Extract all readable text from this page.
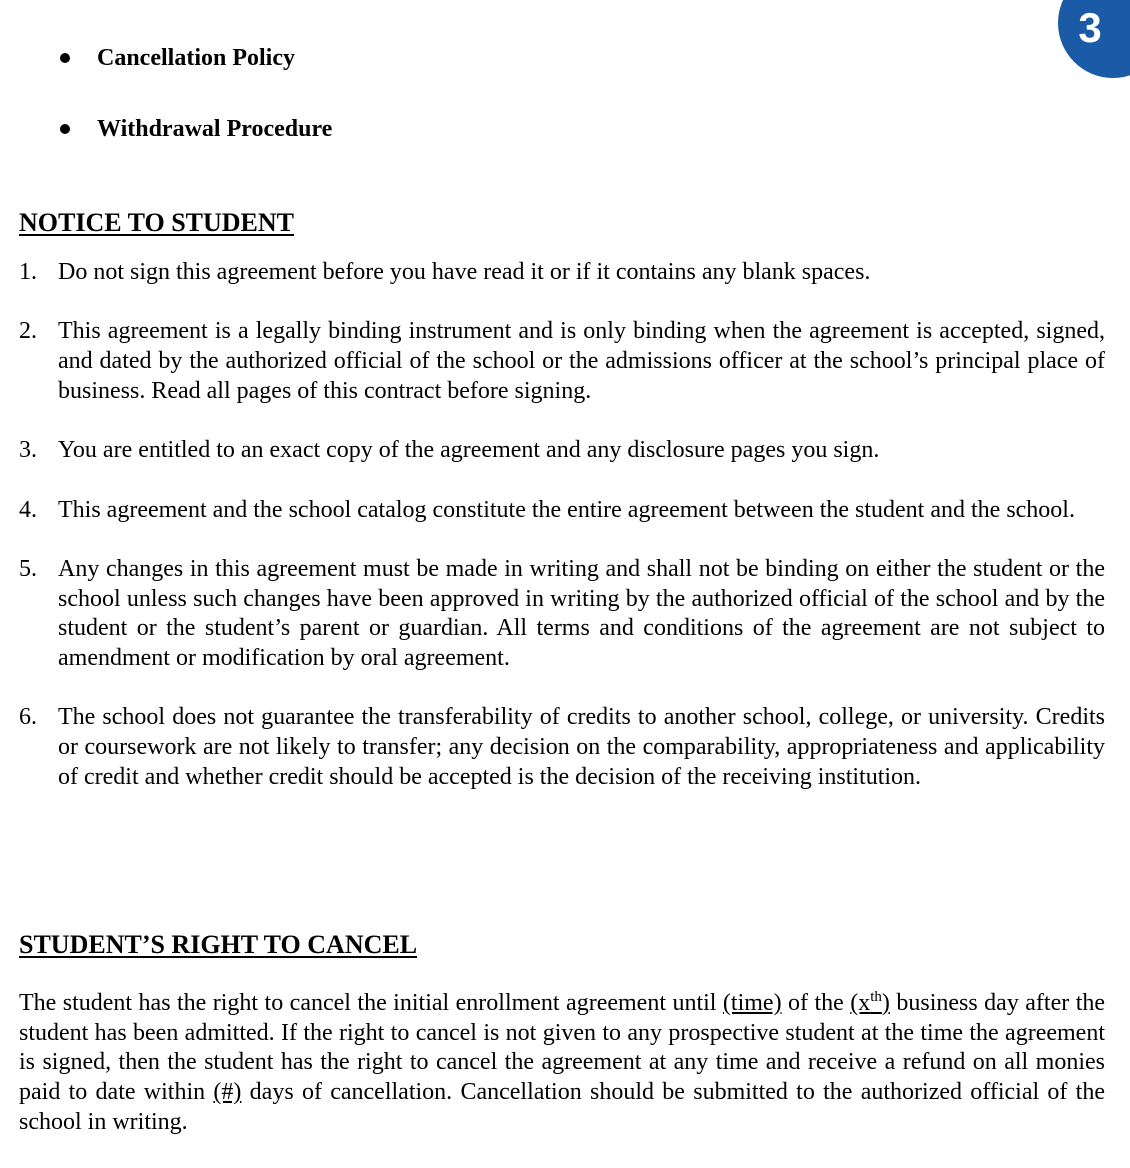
3
Cancellation Policy
Withdrawal Procedure
NOTICE TO STUDENT
1. Do not sign this agreement before you have read it or if it contains any blank spaces.
2. This agreement is a legally binding instrument and is only binding when the agreement is accepted, signed, and dated by the authorized official of the school or the admissions officer at the school’s principal place of business. Read all pages of this contract before signing.
3. You are entitled to an exact copy of the agreement and any disclosure pages you sign.
4. This agreement and the school catalog constitute the entire agreement between the student and the school.
5. Any changes in this agreement must be made in writing and shall not be binding on either the student or the school unless such changes have been approved in writing by the authorized official of the school and by the student or the student’s parent or guardian. All terms and conditions of the agreement are not subject to amendment or modification by oral agreement.
6. The school does not guarantee the transferability of credits to another school, college, or university. Credits or coursework are not likely to transfer; any decision on the comparability, appropriateness and applicability of credit and whether credit should be accepted is the decision of the receiving institution.
STUDENT’S RIGHT TO CANCEL

The student has the right to cancel the initial enrollment agreement until (time) of the $(x^{th})$ business day after the student has been admitted. If the right to cancel is not given to any prospective student at the time the agreement is signed, then the student has the right to cancel the agreement at any time and receive a refund on all monies paid to date within (#) days of cancellation. Cancellation should be submitted to the authorized official of the school in writing.
